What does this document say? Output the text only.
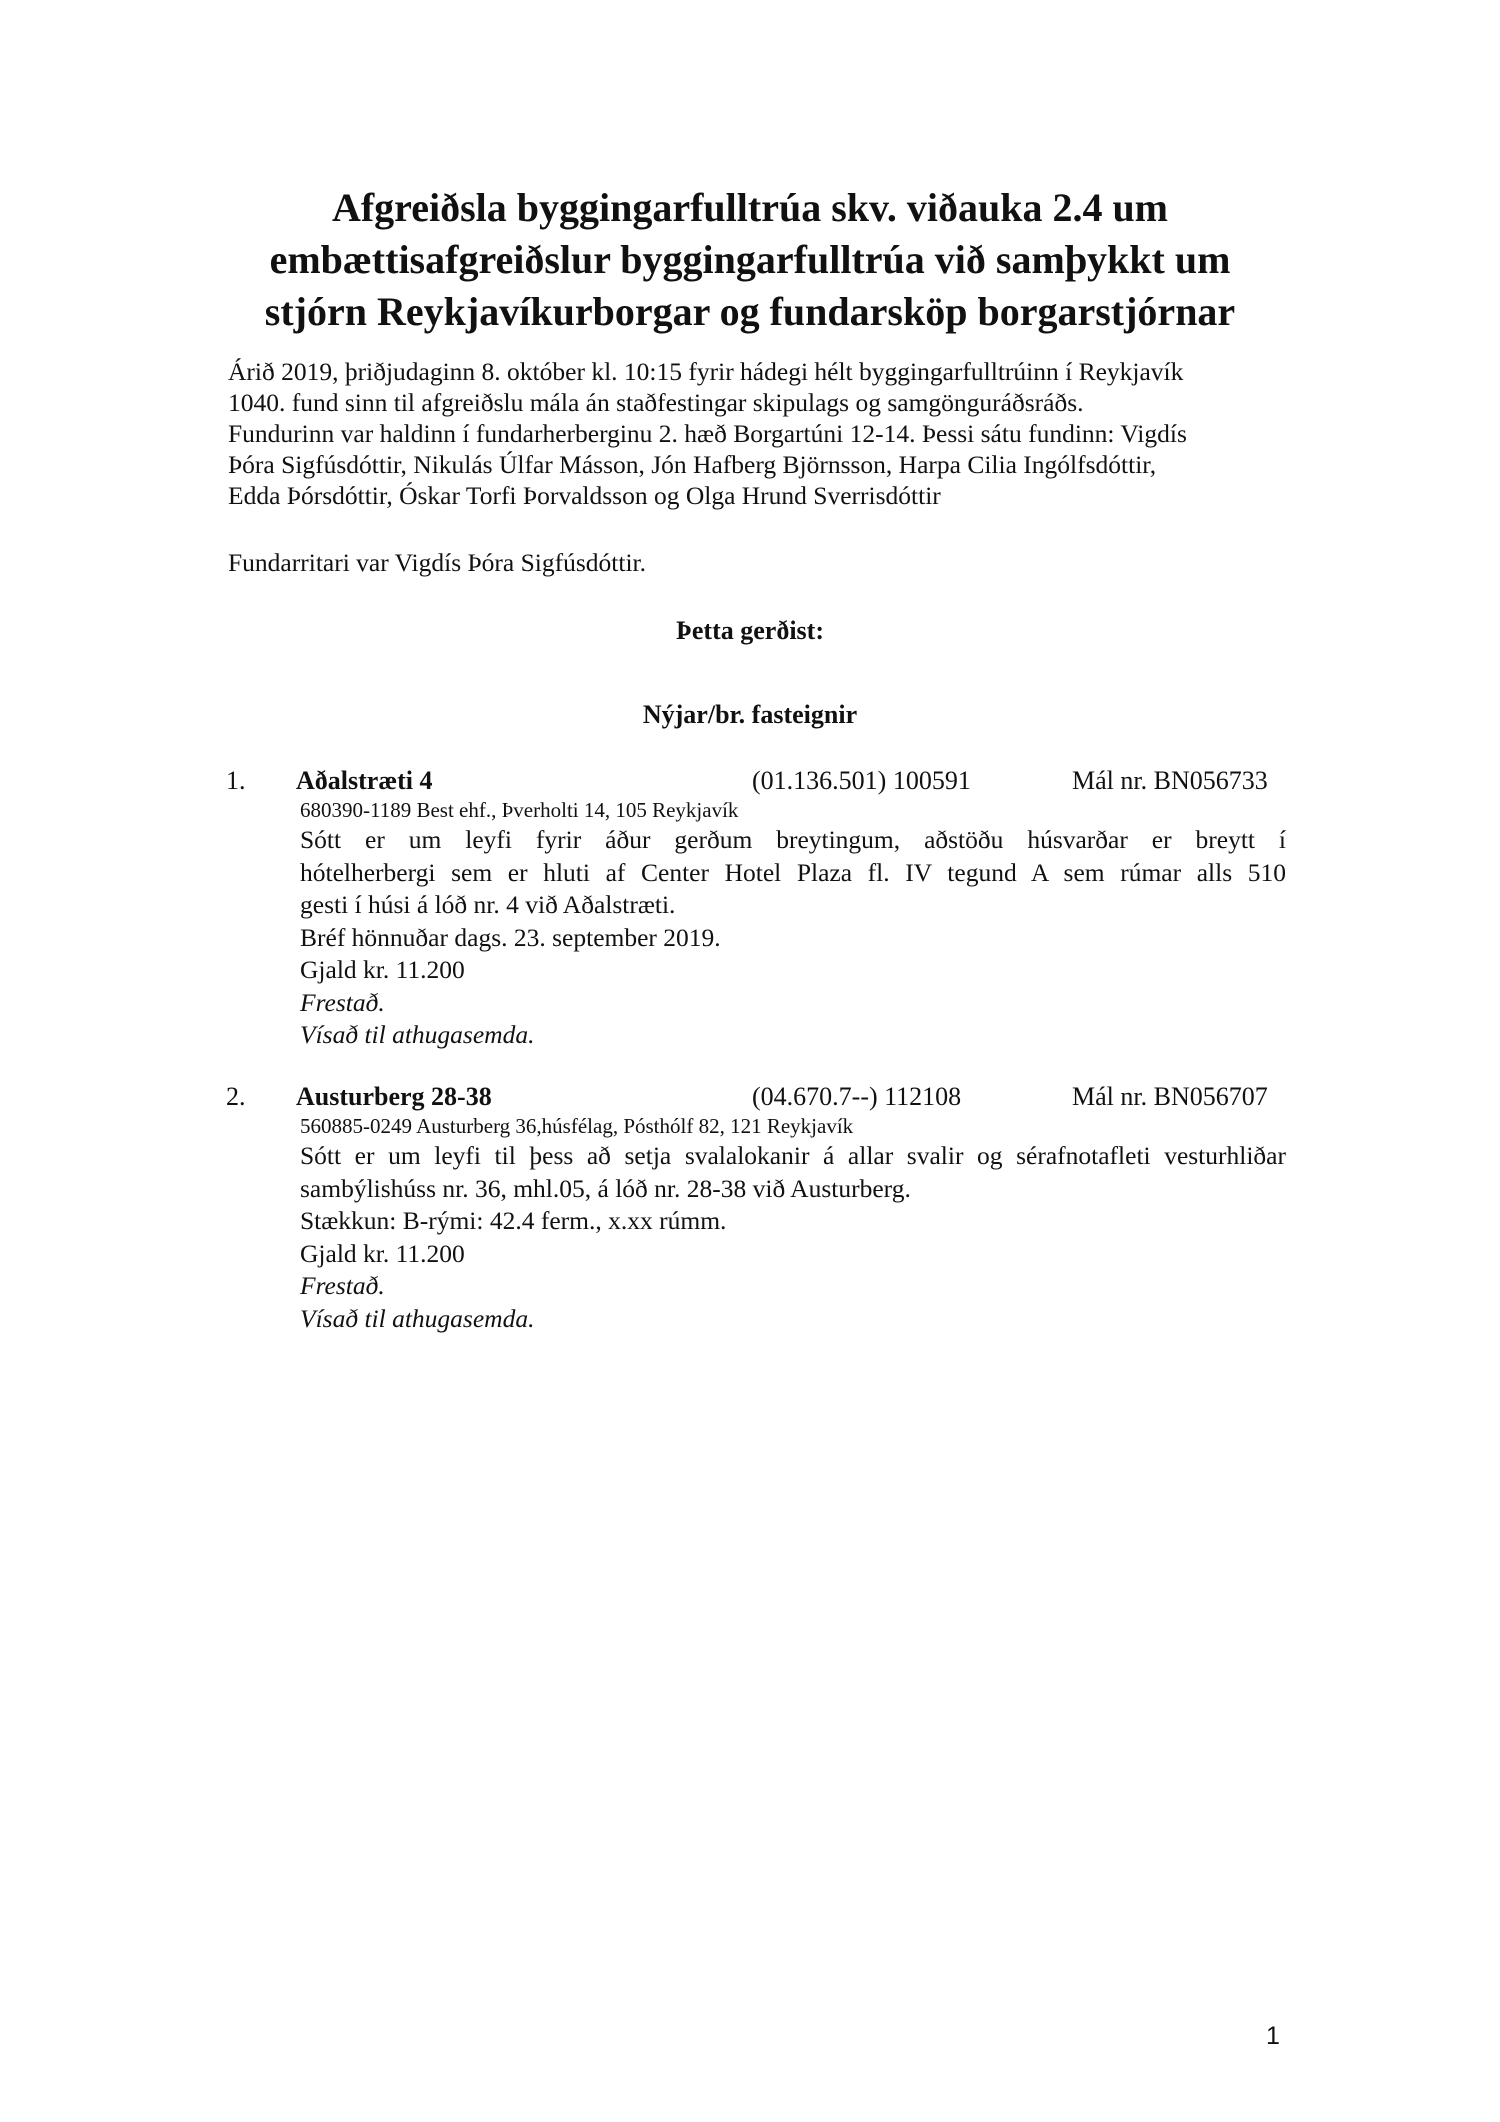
Afgreiðsla byggingarfulltrúa skv. viðauka 2.4 um
embættisafgreiðslur byggingarfulltrúa við samþykkt um
stjórn Reykjavíkurborgar og fundarsköp borgarstjórnar
Árið 2019, þriðjudaginn 8. október kl. 10:15 fyrir hádegi hélt byggingarfulltrúinn í Reykjavík
1040. fund sinn til afgreiðslu mála án staðfestingar skipulags og samgönguráðsráðs.
Fundurinn var haldinn í fundarherberginu 2. hæð Borgartúni 12-14. Þessi sátu fundinn: Vigdís
Þóra Sigfúsdóttir, Nikulás Úlfar Másson, Jón Hafberg Björnsson, Harpa Cilia Ingólfsdóttir,
Edda Þórsdóttir, Óskar Torfi Þorvaldsson og Olga Hrund Sverrisdóttir
Fundarritari var Vigdís Þóra Sigfúsdóttir.
Þetta gerðist:
Nýjar/br. fasteignir
1. Aðalstræti 4	(01.136.501) 100591	Mál nr. BN056733
680390-1189 Best ehf., Þverholti 14, 105 Reykjavík
Sótt er um leyfi fyrir áður gerðum breytingum, aðstöðu húsvarðar er breytt í
hótelherbergi sem er hluti af Center Hotel Plaza fl. IV tegund A sem rúmar alls 510
gesti í húsi á lóð nr. 4 við Aðalstræti.
Bréf hönnuðar dags. 23. september 2019.
Gjald kr. 11.200
Frestað.
Vísað til athugasemda.
2. Austurberg 28-38	(04.670.7--) 112108	Mál nr. BN056707
560885-0249 Austurberg 36,húsfélag, Pósthólf 82, 121 Reykjavík
Sótt er um leyfi til þess að setja svalalokanir á allar svalir og sérafnotafleti vesturhliðar
sambýlishúss nr. 36, mhl.05, á lóð nr. 28-38 við Austurberg.
Stækkun: B-rými: 42.4 ferm., x.xx rúmm.
Gjald kr. 11.200
Frestað.
Vísað til athugasemda.
1
